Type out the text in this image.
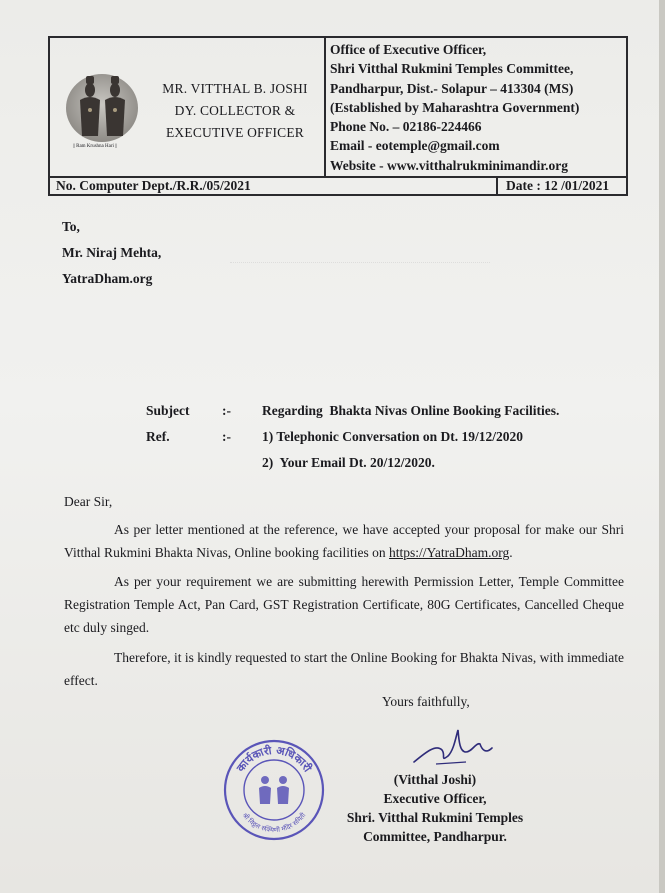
|| Ram Krushna Hari ||
MR. VITTHAL B. JOSHI
DY. COLLECTOR &
EXECUTIVE OFFICER
Office of Executive Officer,
Shri Vitthal Rukmini Temples Committee,
Pandharpur, Dist.- Solapur – 413304 (MS)
(Established by Maharashtra Government)
Phone No. – 02186-224466
Email - eotemple@gmail.com
Website - www.vitthalrukminimandir.org
No. Computer Dept./R.R./05/2021	Date : 12 /01/2021
To,
Mr. Niraj Mehta,
YatraDham.org
Subject
Ref.
:-
:-
Regarding  Bhakta Nivas Online Booking Facilities.
1) Telephonic Conversation on Dt. 19/12/2020
2)  Your Email Dt. 20/12/2020.
Dear Sir,
As per letter mentioned at the reference, we have accepted your proposal for make our Shri Vitthal Rukmini Bhakta Nivas, Online booking facilities on https://YatraDham.org.
As per your requirement we are submitting herewith Permission Letter, Temple Committee Registration Temple Act, Pan Card, GST Registration Certificate, 80G Certificates, Cancelled Cheque etc duly singed.
Therefore, it is kindly requested to start the Online Booking for Bhakta Nivas, with immediate effect.
Yours faithfully,
(Vitthal Joshi)
Executive Officer,
Shri. Vitthal Rukmini Temples
Committee, Pandharpur.
कार्यकारी अधिकारी
श्री विठ्ठल रुक्मिणी मंदिर समिती
